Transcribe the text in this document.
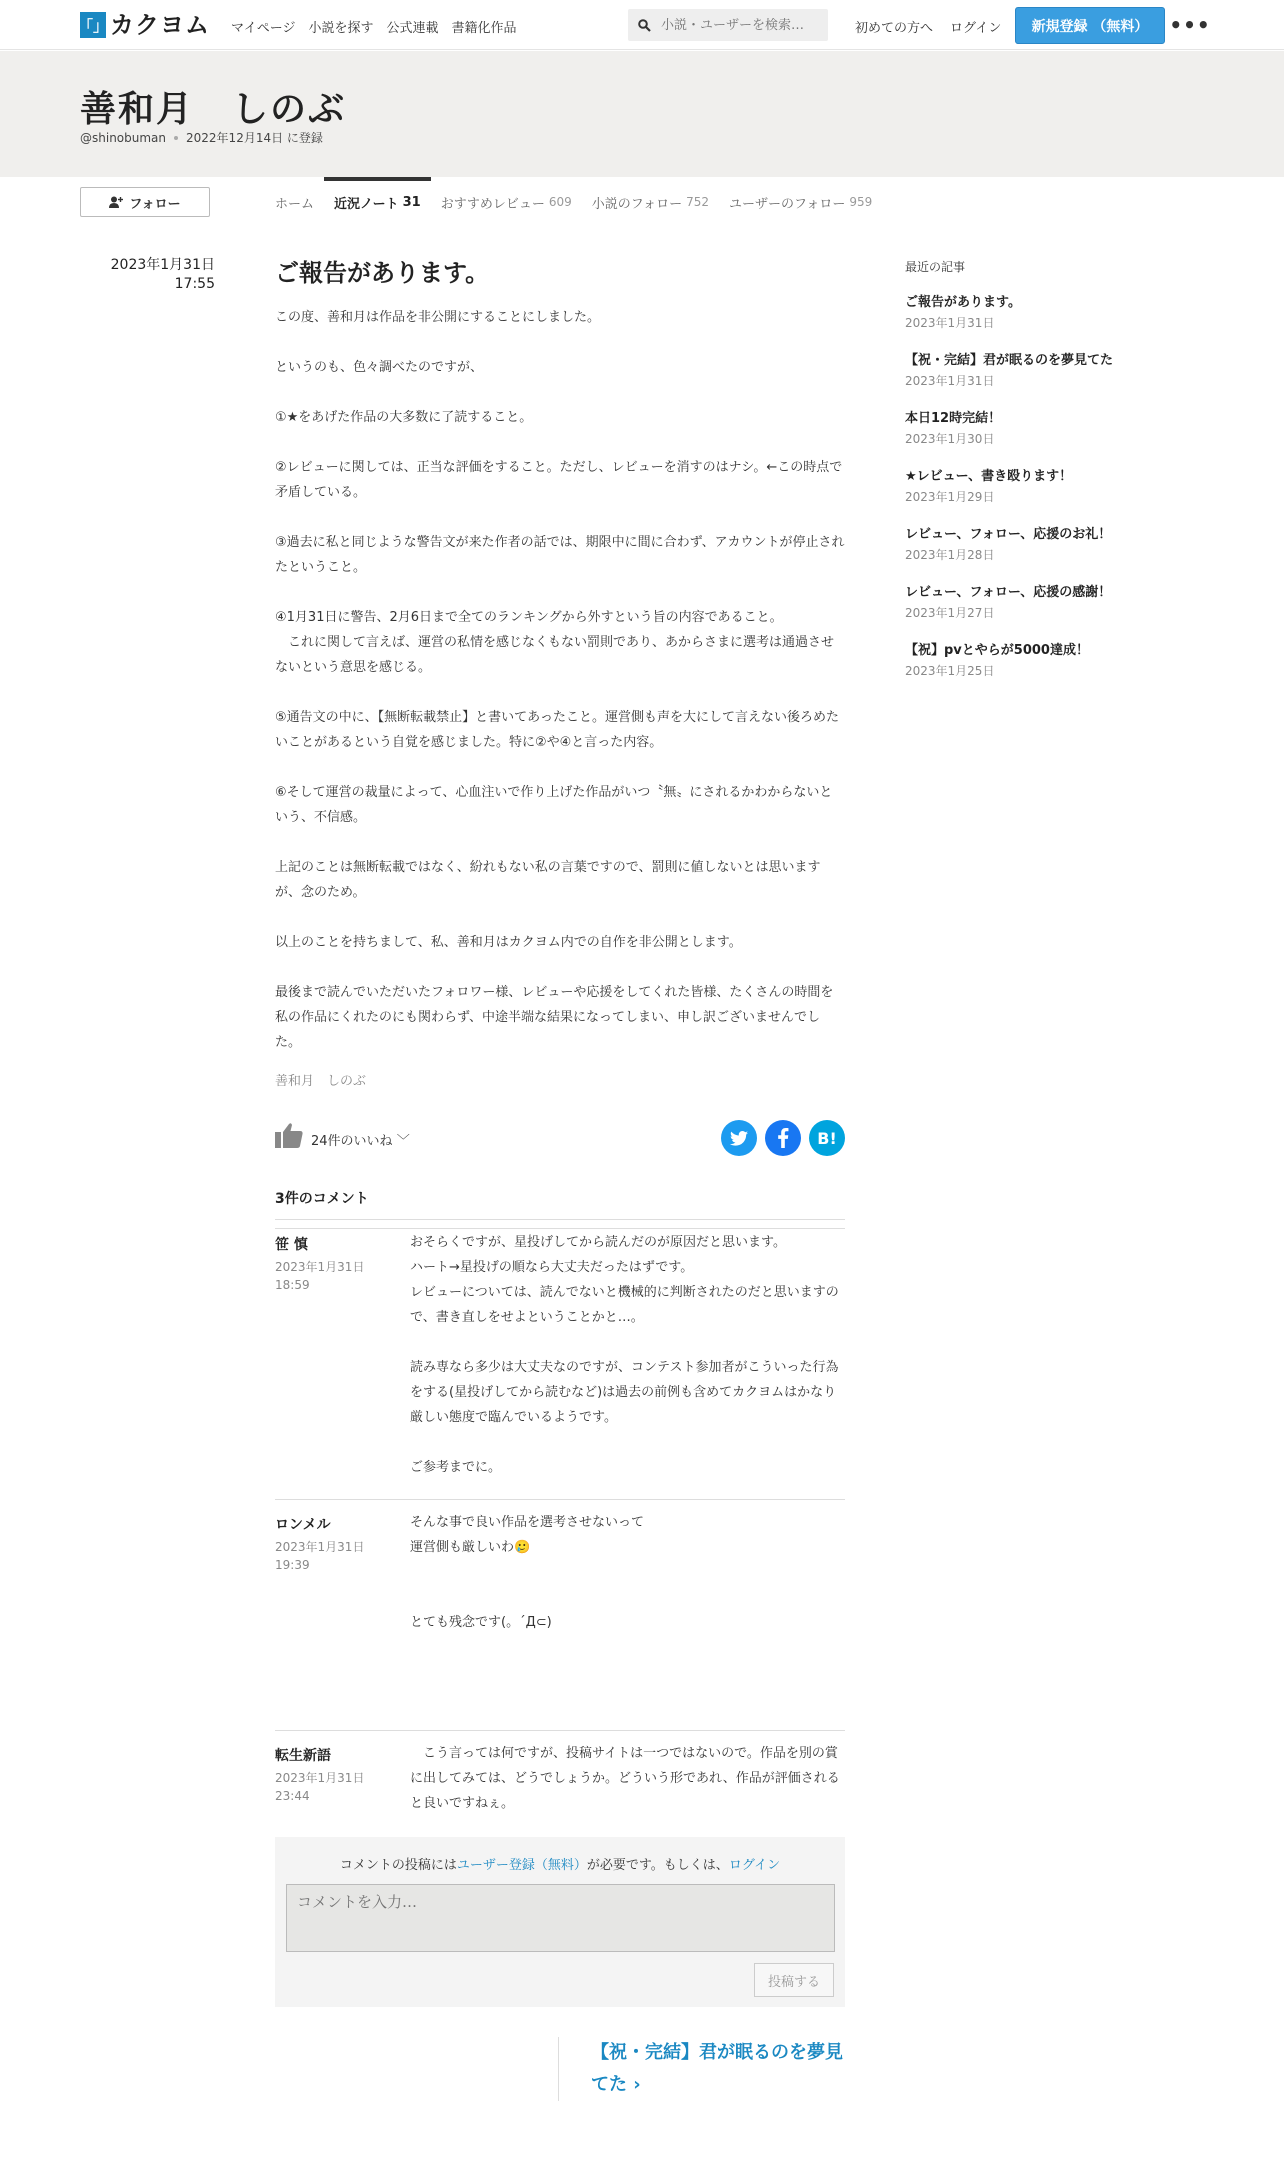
「」 カクヨム マイページ 小説を探す 公式連載 書籍化作品
小説・ユーザーを検索…	初めての方へ ログイン	新規登録 （無料）	•••
善和月　しのぶ
@shinobuman 2022年12月14日 に登録
フォロー	ホーム 近況ノート 31 おすすめレビュー 609 小説のフォロー 752 ユーザーのフォロー 959
2023年1月31日
17:55	ご報告があります。

この度、善和月は作品を非公開にすることにしました。

というのも、色々調べたのですが、

①★をあげた作品の大多数に了読すること。

②レビューに関しては、正当な評価をすること。ただし、レビューを消すのはナシ。←この時点で矛盾している。

③過去に私と同じような警告文が来た作者の話では、期限中に間に合わず、アカウントが停止されたということ。

④1月31日に警告、2月6日まで全てのランキングから外すという旨の内容であること。
　これに関して言えば、運営の私情を感じなくもない罰則であり、あからさまに選考は通過させないという意思を感じる。

⑤通告文の中に、【無断転載禁止】と書いてあったこと。運営側も声を大にして言えない後ろめたいことがあるという自覚を感じました。特に②や④と言った内容。

⑥そして運営の裁量によって、心血注いで作り上げた作品がいつ〝無〟にされるかわからないという、不信感。

上記のことは無断転載ではなく、紛れもない私の言葉ですので、罰則に値しないとは思いますが、念のため。

以上のことを持ちまして、私、善和月はカクヨム内での自作を非公開とします。

最後まで読んでいただいたフォロワー様、レビューや応援をしてくれた皆様、たくさんの時間を私の作品にくれたのにも関わらず、中途半端な結果になってしまい、申し訳ございませんでした。

善和月　しのぶ
24件のいいね ﹀	B!
3件のコメント
笹 慎
2023年1月31日
18:59
おそらくですが、星投げしてから読んだのが原因だと思います。
ハート→星投げの順なら大丈夫だったはずです。
レビューについては、読んでないと機械的に判断されたのだと思いますので、書き直しをせよということかと…。

読み専なら多少は大丈夫なのですが、コンテスト参加者がこういった行為をする(星投げしてから読むなど)は過去の前例も含めてカクヨムはかなり厳しい態度で臨んでいるようです。

ご参考までに。
ロンメル
2023年1月31日
19:39
そんな事で良い作品を選考させないって
運営側も厳しいわ🥲

とても残念です(。´Д⊂)
転生新語
2023年1月31日
23:44
　こう言っては何ですが、投稿サイトは一つではないので。作品を別の賞に出してみては、どうでしょうか。どういう形であれ、作品が評価されると良いですねぇ。
コメントの投稿にはユーザー登録（無料）が必要です。もしくは、ログイン
コメントを入力…
投稿する
【祝・完結】君が眠るのを夢見てた ›
最近の記事
ご報告があります。
2023年1月31日
【祝・完結】君が眠るのを夢見てた
2023年1月31日
本日12時完結！
2023年1月30日
★レビュー、書き殴ります！
2023年1月29日
レビュー、フォロー、応援のお礼！
2023年1月28日
レビュー、フォロー、応援の感謝！
2023年1月27日
【祝】pvとやらが5000達成！
2023年1月25日
